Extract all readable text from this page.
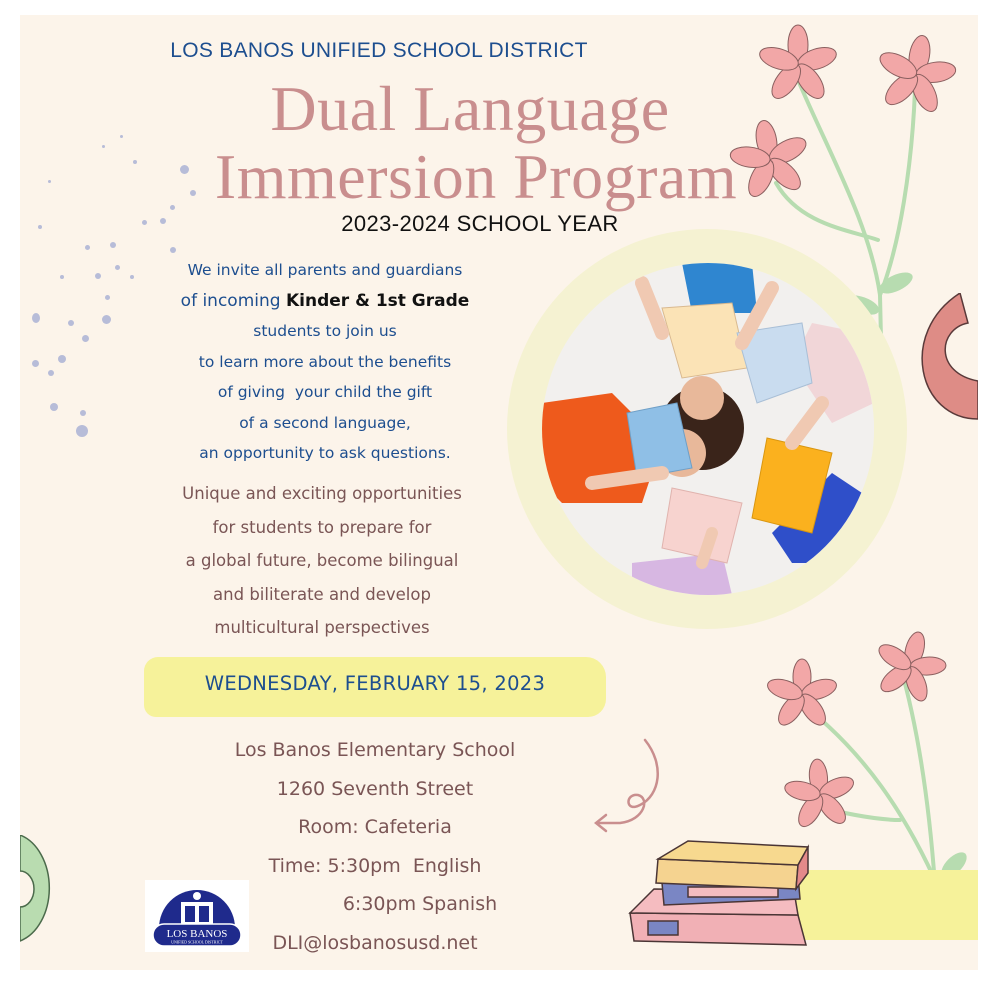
LOS BANOS UNIFIED SCHOOL DISTRICT
Dual Language
Immersion Program
2023-2024 SCHOOL YEAR
We invite all parents and guardians
of incoming Kinder & 1st Grade
students to join us
to learn more about the benefits
of giving  your child the gift
of a second language,
an opportunity to ask questions.
Unique and exciting opportunities
for students to prepare for
a global future, become bilingual
and biliterate and develop
multicultural perspectives
WEDNESDAY, FEBRUARY 15, 2023
Los Banos Elementary School
1260 Seventh Street
Room: Cafeteria
Time: 5:30pm  English
6:30pm Spanish
DLI@losbanosusd.net
LOS BANOS
UNIFIED SCHOOL DISTRICT
